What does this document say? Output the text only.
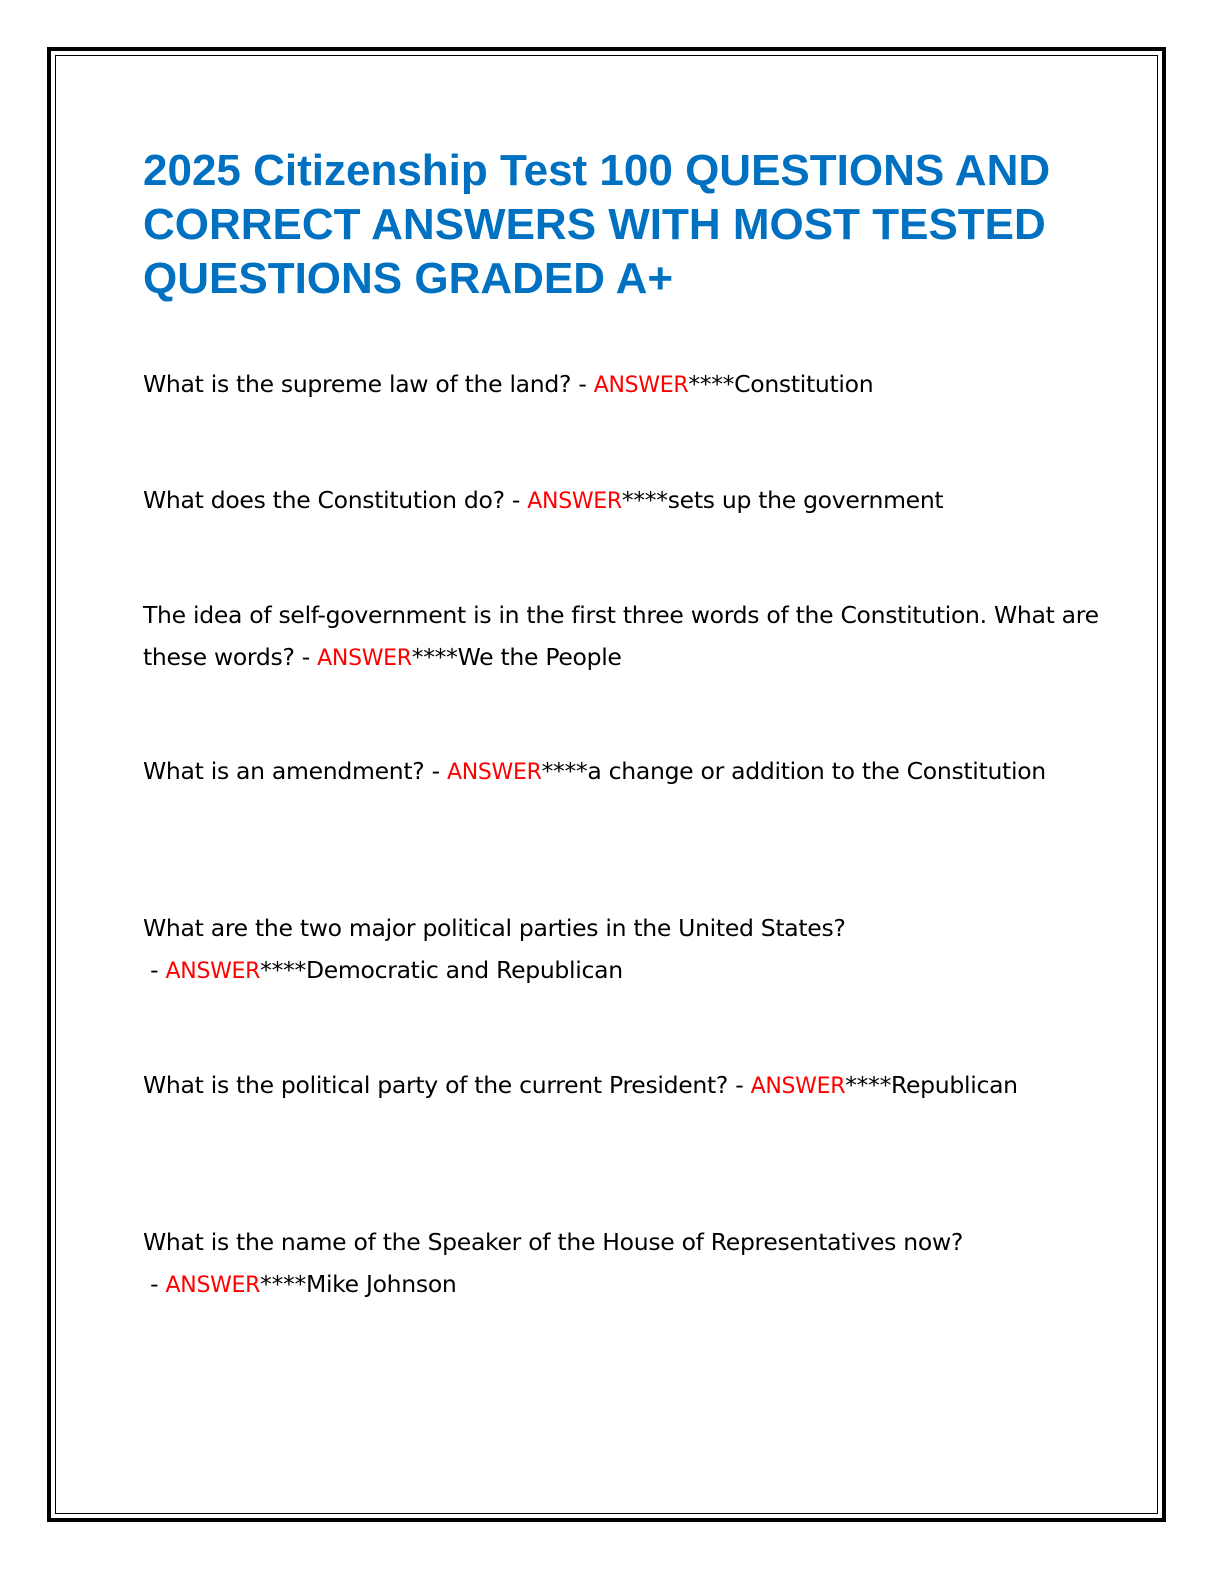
2025 Citizenship Test 100 QUESTIONS AND CORRECT ANSWERS WITH MOST TESTED QUESTIONS GRADED A+

What is the supreme law of the land? - ANSWER****Constitution

What does the Constitution do? - ANSWER****sets up the government

The idea of self-government is in the first three words of the Constitution. What are these words? - ANSWER****We the People

What is an amendment? - ANSWER****a change or addition to the Constitution

What are the two major political parties in the United States? - ANSWER****Democratic and Republican

What is the political party of the current President? - ANSWER****Republican

What is the name of the Speaker of the House of Representatives now? - ANSWER****Mike Johnson
